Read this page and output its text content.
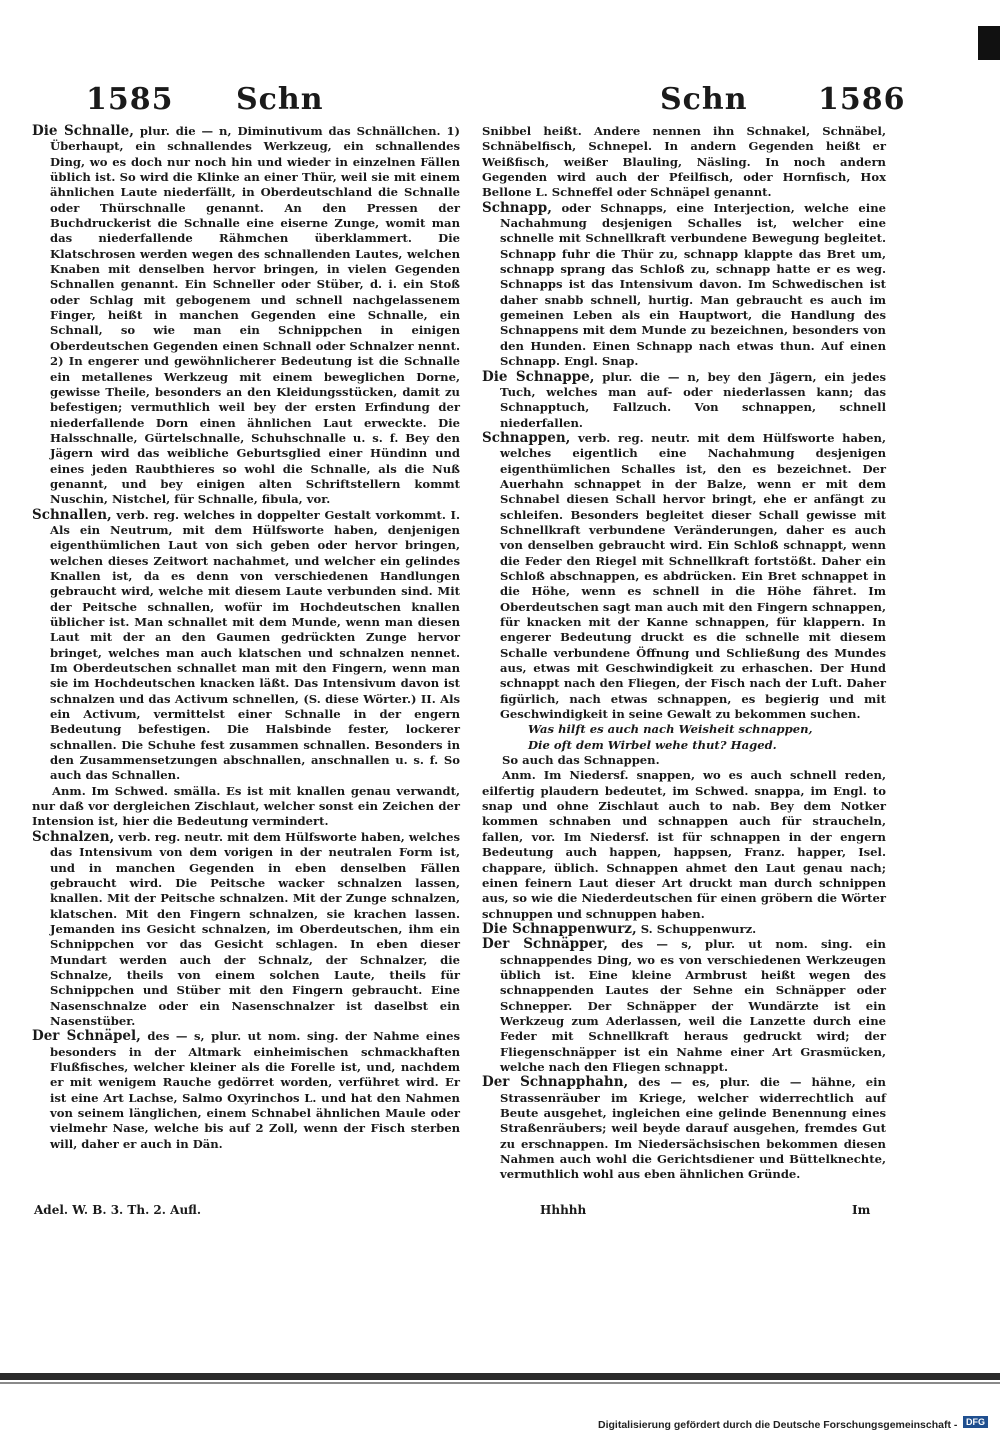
1585 Schn	Schn 1586

Die Schnalle, plur. die — n, Diminutivum das Schnällchen. 1) Überhaupt, ein schnallendes Werkzeug, ein schnallendes Ding, wo es doch nur noch hin und wieder in einzelnen Fällen üblich ist. So wird die Klinke an einer Thür, weil sie mit einem ähnlichen Laute niederfällt, in Oberdeutschland die Schnalle oder Thürschnalle genannt. An den Pressen der Buchdruckerist die Schnalle eine eiserne Zunge, womit man das niederfallende Rähmchen überklammert. Die Klatschrosen werden wegen des schnallenden Lautes, welchen Knaben mit denselben hervor bringen, in vielen Gegenden Schnallen genannt. Ein Schneller oder Stüber, d. i. ein Stoß oder Schlag mit gebogenem und schnell nachgelassenem Finger, heißt in manchen Gegenden eine Schnalle, ein Schnall, so wie man ein Schnippchen in einigen Oberdeutschen Gegenden einen Schnall oder Schnalzer nennt. 2) In engerer und gewöhnlicherer Bedeutung ist die Schnalle ein metallenes Werkzeug mit einem beweglichen Dorne, gewisse Theile, besonders an den Kleidungsstücken, damit zu befestigen; vermuthlich weil bey der ersten Erfindung der niederfallende Dorn einen ähnlichen Laut erweckte. Die Halsschnalle, Gürtelschnalle, Schuhschnalle u. s. f. Bey den Jägern wird das weibliche Geburtsglied einer Hündinn und eines jeden Raubthieres so wohl die Schnalle, als die Nuß genannt, und bey einigen alten Schriftstellern kommt Nuschin, Nistchel, für Schnalle, fibula, vor.

Schnallen, verb. reg. welches in doppelter Gestalt vorkommt. I. Als ein Neutrum, mit dem Hülfsworte haben, denjenigen eigenthümlichen Laut von sich geben oder hervor bringen, welchen dieses Zeitwort nachahmet, und welcher ein gelindes Knallen ist, da es denn von verschiedenen Handlungen gebraucht wird, welche mit diesem Laute verbunden sind. Mit der Peitsche schnallen, wofür im Hochdeutschen knallen üblicher ist. Man schnallet mit dem Munde, wenn man diesen Laut mit der an den Gaumen gedrückten Zunge hervor bringet, welches man auch klatschen und schnalzen nennet. Im Oberdeutschen schnallet man mit den Fingern, wenn man sie im Hochdeutschen knacken läßt. Das Intensivum davon ist schnalzen und das Activum schnellen, (S. diese Wörter.) II. Als ein Activum, vermittelst einer Schnalle in der engern Bedeutung befestigen. Die Halsbinde fester, lockerer schnallen. Die Schuhe fest zusammen schnallen. Besonders in den Zusammensetzungen abschnallen, anschnallen u. s. f. So auch das Schnallen.

Anm. Im Schwed. smälla. Es ist mit knallen genau verwandt, nur daß vor dergleichen Zischlaut, welcher sonst ein Zeichen der Intension ist, hier die Bedeutung vermindert.

Schnalzen, verb. reg. neutr. mit dem Hülfsworte haben, welches das Intensivum von dem vorigen in der neutralen Form ist, und in manchen Gegenden in eben denselben Fällen gebraucht wird. Die Peitsche wacker schnalzen lassen, knallen. Mit der Peitsche schnalzen. Mit der Zunge schnalzen, klatschen. Mit den Fingern schnalzen, sie krachen lassen. Jemanden ins Gesicht schnalzen, im Oberdeutschen, ihm ein Schnippchen vor das Gesicht schlagen. In eben dieser Mundart werden auch der Schnalz, der Schnalzer, die Schnalze, theils von einem solchen Laute, theils für Schnippchen und Stüber mit den Fingern gebraucht. Eine Nasenschnalze oder ein Nasenschnalzer ist daselbst ein Nasenstüber.

Der Schnäpel, des — s, plur. ut nom. sing. der Nahme eines besonders in der Altmark einheimischen schmackhaften Flußfisches, welcher kleiner als die Forelle ist, und, nachdem er mit wenigem Rauche gedörret worden, verführet wird. Er ist eine Art Lachse, Salmo Oxyrinchos L. und hat den Nahmen von seinem länglichen, einem Schnabel ähnlichen Maule oder vielmehr Nase, welche bis auf 2 Zoll, wenn der Fisch sterben will, daher er auch in Dän.

Snibbel heißt. Andere nennen ihn Schnakel, Schnäbel, Schnäbelfisch, Schnepel. In andern Gegenden heißt er Weißfisch, weißer Blauling, Näsling. In noch andern Gegenden wird auch der Pfeilfisch, oder Hornfisch, Hox Bellone L. Schneffel oder Schnäpel genannt.

Schnapp, oder Schnapps, eine Interjection, welche eine Nachahmung desjenigen Schalles ist, welcher eine schnelle mit Schnellkraft verbundene Bewegung begleitet. Schnapp fuhr die Thür zu, schnapp klappte das Bret um, schnapp sprang das Schloß zu, schnapp hatte er es weg. Schnapps ist das Intensivum davon. Im Schwedischen ist daher snabb schnell, hurtig. Man gebraucht es auch im gemeinen Leben als ein Hauptwort, die Handlung des Schnappens mit dem Munde zu bezeichnen, besonders von den Hunden. Einen Schnapp nach etwas thun. Auf einen Schnapp. Engl. Snap.

Die Schnappe, plur. die — n, bey den Jägern, ein jedes Tuch, welches man auf- oder niederlassen kann; das Schnapptuch, Fallzuch. Von schnappen, schnell niederfallen.

Schnappen, verb. reg. neutr. mit dem Hülfsworte haben, welches eigentlich eine Nachahmung desjenigen eigenthümlichen Schalles ist, den es bezeichnet. Der Auerhahn schnappet in der Balze, wenn er mit dem Schnabel diesen Schall hervor bringt, ehe er anfängt zu schleifen. Besonders begleitet dieser Schall gewisse mit Schnellkraft verbundene Veränderungen, daher es auch von denselben gebraucht wird. Ein Schloß schnappt, wenn die Feder den Riegel mit Schnellkraft fortstößt. Daher ein Schloß abschnappen, es abdrücken. Ein Bret schnappet in die Höhe, wenn es schnell in die Höhe fähret. Im Oberdeutschen sagt man auch mit den Fingern schnappen, für knacken mit der Kanne schnappen, für klappern. In engerer Bedeutung druckt es die schnelle mit diesem Schalle verbundene Öffnung und Schließung des Mundes aus, etwas mit Geschwindigkeit zu erhaschen. Der Hund schnappt nach den Fliegen, der Fisch nach der Luft. Daher figürlich, nach etwas schnappen, es begierig und mit Geschwindigkeit in seine Gewalt zu bekommen suchen.

Was hilft es auch nach Weisheit schnappen,

Die oft dem Wirbel wehe thut? Haged.

So auch das Schnappen.

Anm. Im Niedersf. snappen, wo es auch schnell reden, eilfertig plaudern bedeutet, im Schwed. snappa, im Engl. to snap und ohne Zischlaut auch to nab. Bey dem Notker kommen schnaben und schnappen auch für straucheln, fallen, vor. Im Niedersf. ist für schnappen in der engern Bedeutung auch happen, happsen, Franz. happer, Isel. chappare, üblich. Schnappen ahmet den Laut genau nach; einen feinern Laut dieser Art druckt man durch schnippen aus, so wie die Niederdeutschen für einen gröbern die Wörter schnuppen und schnuppen haben.

Die Schnappenwurz, S. Schuppenwurz.

Der Schnäpper, des — s, plur. ut nom. sing. ein schnappendes Ding, wo es von verschiedenen Werkzeugen üblich ist. Eine kleine Armbrust heißt wegen des schnappenden Lautes der Sehne ein Schnäpper oder Schnepper. Der Schnäpper der Wundärzte ist ein Werkzeug zum Aderlassen, weil die Lanzette durch eine Feder mit Schnellkraft heraus gedruckt wird; der Fliegenschnäpper ist ein Nahme einer Art Grasmücken, welche nach den Fliegen schnappt.

Der Schnapphahn, des — es, plur. die — hähne, ein Strassenräuber im Kriege, welcher widerrechtlich auf Beute ausgehet, ingleichen eine gelinde Benennung eines Straßenräubers; weil beyde darauf ausgehen, fremdes Gut zu erschnappen. Im Niedersächsischen bekommen diesen Nahmen auch wohl die Gerichtsdiener und Büttelknechte, vermuthlich wohl aus eben ähnlichen Gründe.

Adel. W. B. 3. Th. 2. Aufl.	Hhhhh	Im
Digitalisierung gefördert durch die Deutsche Forschungsgemeinschaft - DFG
